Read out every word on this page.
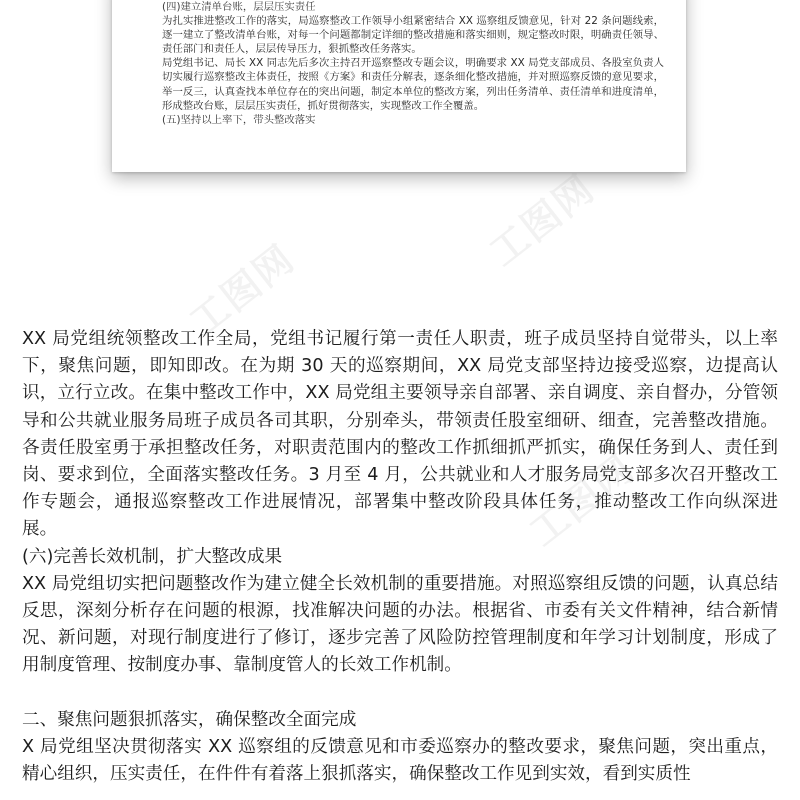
(四)建立清单台账，层层压实责任

为扎实推进整改工作的落实，局巡察整改工作领导小组紧密结合 XX 巡察组反馈意见，针对 22 条问题线索，逐一建立了整改清单台账，对每一个问题都制定详细的整改措施和落实细则，规定整改时限，明确责任领导、责任部门和责任人，层层传导压力，狠抓整改任务落实。

局党组书记、局长 XX 同志先后多次主持召开巡察整改专题会议，明确要求 XX 局党支部成员、各股室负责人切实履行巡察整改主体责任，按照《方案》和责任分解表，逐条细化整改措施，并对照巡察反馈的意见要求，举一反三，认真查找本单位存在的突出问题，制定本单位的整改方案，列出任务清单、责任清单和进度清单，形成整改台账，层层压实责任，抓好贯彻落实，实现整改工作全覆盖。

(五)坚持以上率下，带头整改落实

工图网
工图网
工图网

XX 局党组统领整改工作全局，党组书记履行第一责任人职责，班子成员坚持自觉带头，以上率下，聚焦问题，即知即改。在为期 30 天的巡察期间，XX 局党支部坚持边接受巡察，边提高认识，立行立改。在集中整改工作中，XX 局党组主要领导亲自部署、亲自调度、亲自督办，分管领导和公共就业服务局班子成员各司其职，分别牵头，带领责任股室细研、细查，完善整改措施。各责任股室勇于承担整改任务，对职责范围内的整改工作抓细抓严抓实，确保任务到人、责任到岗、要求到位，全面落实整改任务。3 月至 4 月，公共就业和人才服务局党支部多次召开整改工作专题会，通报巡察整改工作进展情况，部署集中整改阶段具体任务，推动整改工作向纵深进展。

(六)完善长效机制，扩大整改成果

XX 局党组切实把问题整改作为建立健全长效机制的重要措施。对照巡察组反馈的问题，认真总结反思，深刻分析存在问题的根源，找准解决问题的办法。根据省、市委有关文件精神，结合新情况、新问题，对现行制度进行了修订，逐步完善了风险防控管理制度和年学习计划制度，形成了用制度管理、按制度办事、靠制度管人的长效工作机制。

二、聚焦问题狠抓落实，确保整改全面完成

X 局党组坚决贯彻落实 XX 巡察组的反馈意见和市委巡察办的整改要求，聚焦问题，突出重点，精心组织，压实责任，在件件有着落上狠抓落实，确保整改工作见到实效，看到实质性
